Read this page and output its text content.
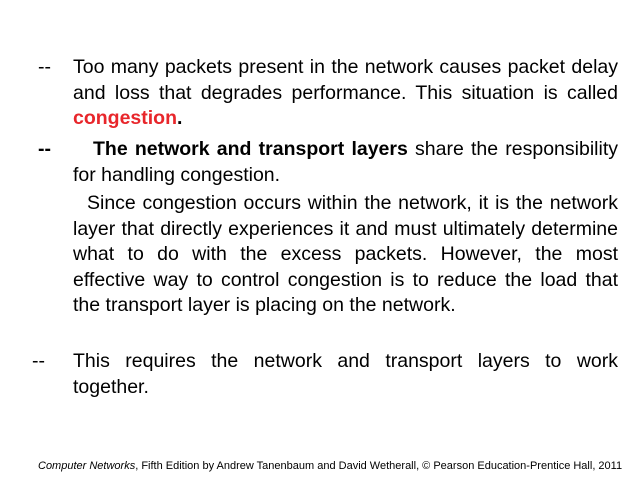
-- Too many packets present in the network causes packet delay and loss that degrades performance. This situation is called congestion.
--	The network and transport layers share the responsibility for handling congestion.
Since congestion occurs within the network, it is the network layer that directly experiences it and must ultimately determine what to do with the excess packets. However, the most effective way to control congestion is to reduce the load that the transport layer is placing on the network.
-- This requires the network and transport layers to work together.
Computer Networks, Fifth Edition by Andrew Tanenbaum and David Wetherall, © Pearson Education-Prentice Hall, 2011
